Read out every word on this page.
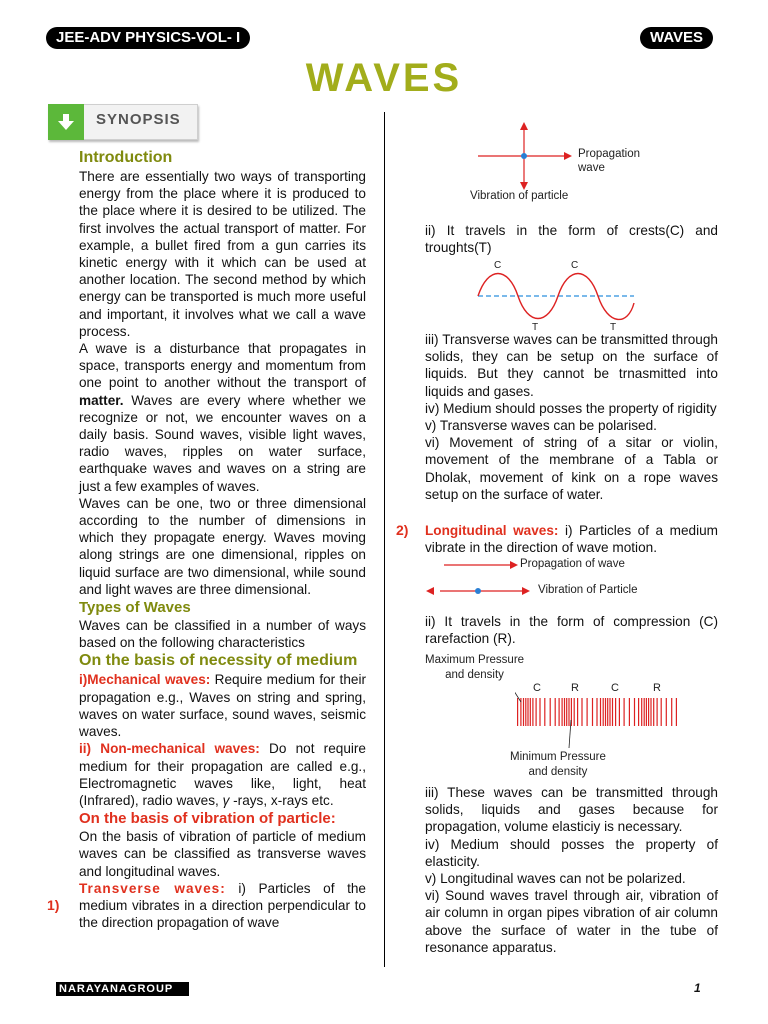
JEE-ADV PHYSICS-VOL- I	WAVES
WAVES
SYNOPSIS

Introduction

There are essentially two ways of transporting energy from the place where it is produced to the place where it is desired to be utilized. The first involves the actual transport of matter. For example, a bullet fired from a gun carries its kinetic energy with it which can be used at another location. The second method by which energy can be transported is much more useful and important, it involves what we call a wave process.

A wave is a disturbance that propagates in space, transports energy and momentum from one point to another without the transport of matter. Waves are every where whether we recognize or not, we encounter waves on a daily basis. Sound waves, visible light waves, radio waves, ripples on water surface, earthquake waves and waves on a string are just a few examples of waves.

Waves can be one, two or three dimensional according to the number of dimensions in which they propagate energy. Waves moving along strings are one dimensional, ripples on liquid surface are two dimensional, while sound and light waves are three dimensional.

Types of Waves

Waves can be classified in a number of ways based on the following characteristics

On the basis of necessity of medium

i)Mechanical waves: Require medium for their propagation e.g., Waves on string and spring, waves on water surface, sound waves, seismic waves.

ii) Non-mechanical waves: Do not require medium for their propagation are called e.g., Electromagnetic waves like, light, heat (Infrared), radio waves, γ -rays, x-rays etc.

On the basis of vibration of particle:

On the basis of vibration of particle of medium waves can be classified as transverse waves and longitudinal waves.

Transverse waves: i) Particles of the medium vibrates in a direction perpendicular to the direction propagation of wave

1)
Propagation
wave
Vibration of particle

ii) It travels in the form of crests(C) and troughts(T)

C	C
T	T

iii) Transverse waves can be transmitted through solids, they can be setup on the surface of liquids. But they cannot be trnasmitted into liquids and gases.

iv) Medium should posses the property of rigidity

v) Transverse waves can be polarised.

vi) Movement of string of a sitar or violin, movement of the membrane of a Tabla or Dholak, movement of kink on a rope waves setup on the surface of water.

2) Longitudinal waves: i) Particles of a medium vibrate in the direction of wave motion.

Propagation of wave
Vibration of Particle

ii) It travels in the form of compression (C) rarefaction (R).

Maximum Pressure
and density
C	R	C	R
Minimum Pressure
and density

iii) These waves can be transmitted through solids, liquids and gases because for propagation, volume elasticiy is necessary.

iv) Medium should posses the property of elasticity.

v) Longitudinal waves can not be polarized.

vi) Sound waves travel through air, vibration of air column in organ pipes vibration of air column above the surface of water in the tube of resonance apparatus.

NARAYANAGROUP	1
